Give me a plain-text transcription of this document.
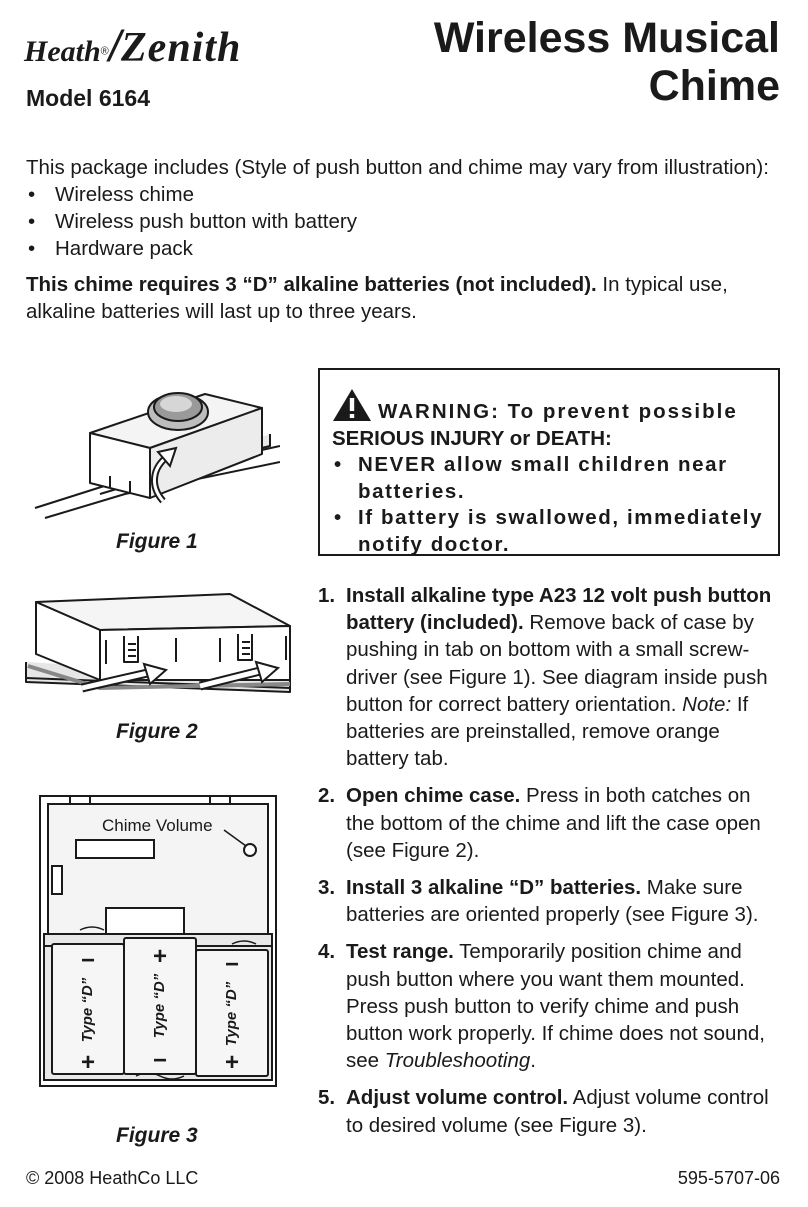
Heath®/Zenith
Model 6164
Wireless Musical
Chime
This package includes (Style of push button and chime may vary from illustration):
• Wireless chime
• Wireless push button with battery
• Hardware pack
This chime requires 3 “D” alkaline batteries (not included). In typical use, alkaline batteries will last up to three years.
Figure 1
WARNING: To prevent possible
SERIOUS INJURY or DEATH:
• NEVER allow small children near batteries.
• If battery is swallowed, immediately notify doctor.
Figure 2
−
+
+
−
−
+
Type “D”	Type “D”	Type “D”
Chime Volume
Figure 3
1. Install alkaline type A23 12 volt push button battery (included). Remove back of case by pushing in tab on bottom with a small screw-driver (see Figure 1). See diagram inside push button for correct battery orientation. Note: If batteries are preinstalled, remove orange battery tab.
2. Open chime case. Press in both catches on the bottom of the chime and lift the case open (see Figure 2).
3. Install 3 alkaline “D” batteries. Make sure batteries are oriented properly (see Figure 3).
4. Test range. Temporarily position chime and push button where you want them mounted. Press push button to verify chime and push button work properly. If chime does not sound, see Troubleshooting.
5. Adjust volume control. Adjust volume control to desired volume (see Figure 3).
© 2008 HeathCo LLC	595-5707-06
